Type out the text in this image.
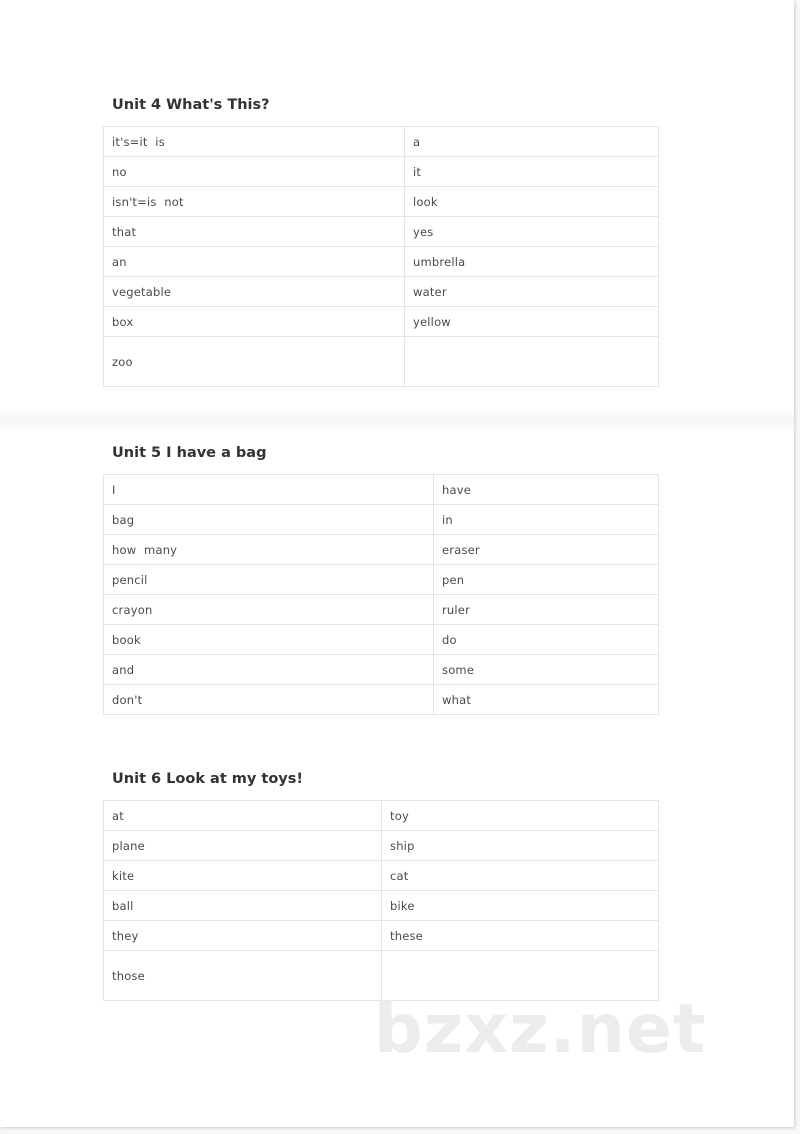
Unit 4 What's This?
it's=it  is	a
no	it
isn't=is  not	look
that	yes
an	umbrella
vegetable	water
box	yellow
zoo	
Unit 5 I have a bag
I	have
bag	in
how  many	eraser
pencil	pen
crayon	ruler
book	do
and	some
don't	what
Unit 6 Look at my toys!
at	toy
plane	ship
kite	cat
ball	bike
they	these
those	
bzxz.net
